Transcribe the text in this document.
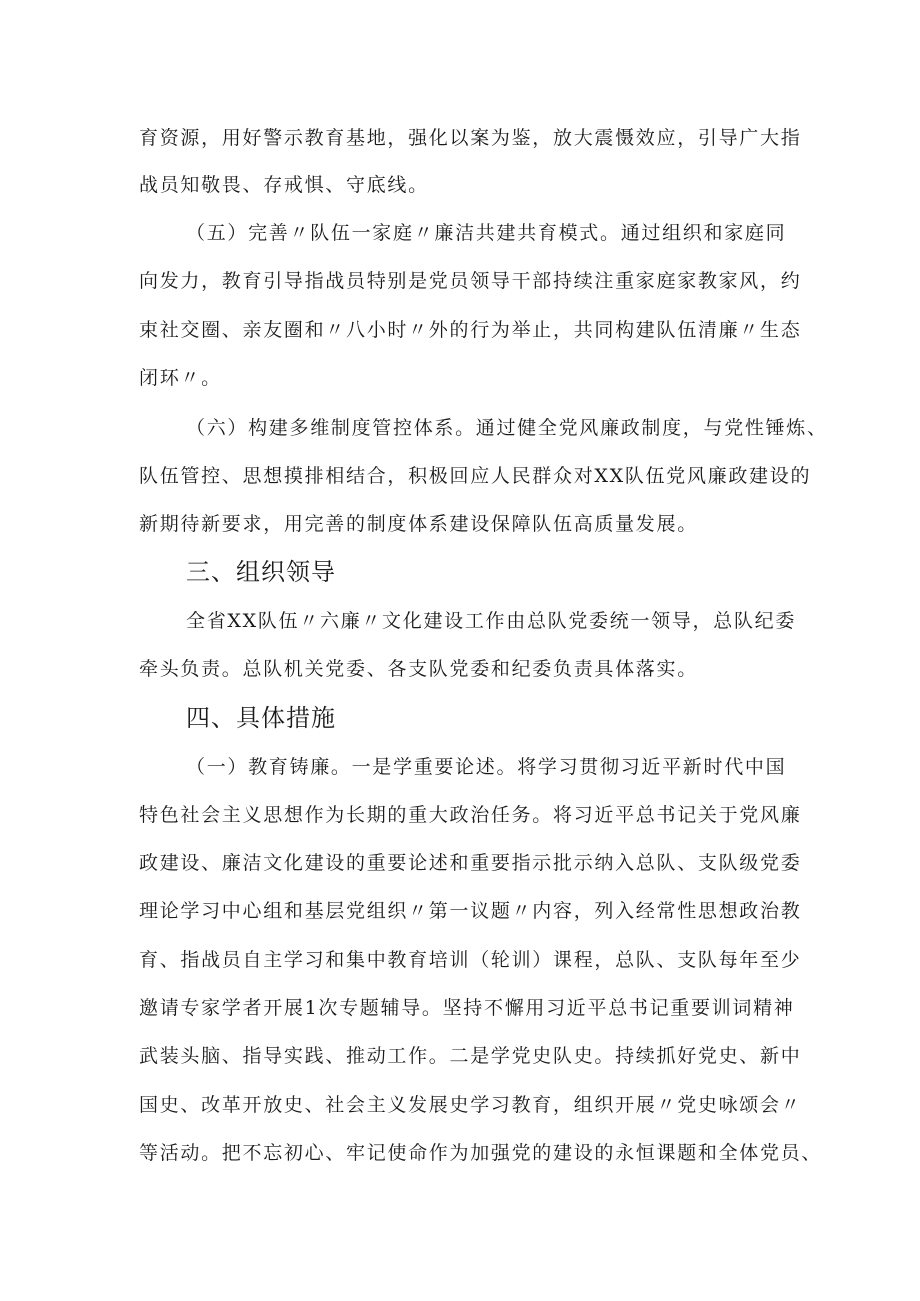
育资源，用好警示教育基地，强化以案为鉴，放大震慑效应，引导广大指
战员知敬畏、存戒惧、守底线。
（五）完善〃队伍一家庭〃廉洁共建共育模式。通过组织和家庭同
向发力，教育引导指战员特别是党员领导干部持续注重家庭家教家风，约
束社交圈、亲友圈和〃八小时〃外的行为举止，共同构建队伍清廉〃生态
闭环〃。
（六）构建多维制度管控体系。通过健全党风廉政制度，与党性锤炼、
队伍管控、思想摸排相结合，积极回应人民群众对XX队伍党风廉政建设的
新期待新要求，用完善的制度体系建设保障队伍高质量发展。
三、组织领导
全省XX队伍〃六廉〃文化建设工作由总队党委统一领导，总队纪委
牵头负责。总队机关党委、各支队党委和纪委负责具体落实。
四、具体措施
（一）教育铸廉。一是学重要论述。将学习贯彻习近平新时代中国
特色社会主义思想作为长期的重大政治任务。将习近平总书记关于党风廉
政建设、廉洁文化建设的重要论述和重要指示批示纳入总队、支队级党委
理论学习中心组和基层党组织〃第一议题〃内容，列入经常性思想政治教
育、指战员自主学习和集中教育培训（轮训）课程，总队、支队每年至少
邀请专家学者开展1次专题辅导。坚持不懈用习近平总书记重要训词精神
武装头脑、指导实践、推动工作。二是学党史队史。持续抓好党史、新中
国史、改革开放史、社会主义发展史学习教育，组织开展〃党史咏颂会〃
等活动。把不忘初心、牢记使命作为加强党的建设的永恒课题和全体党员、
